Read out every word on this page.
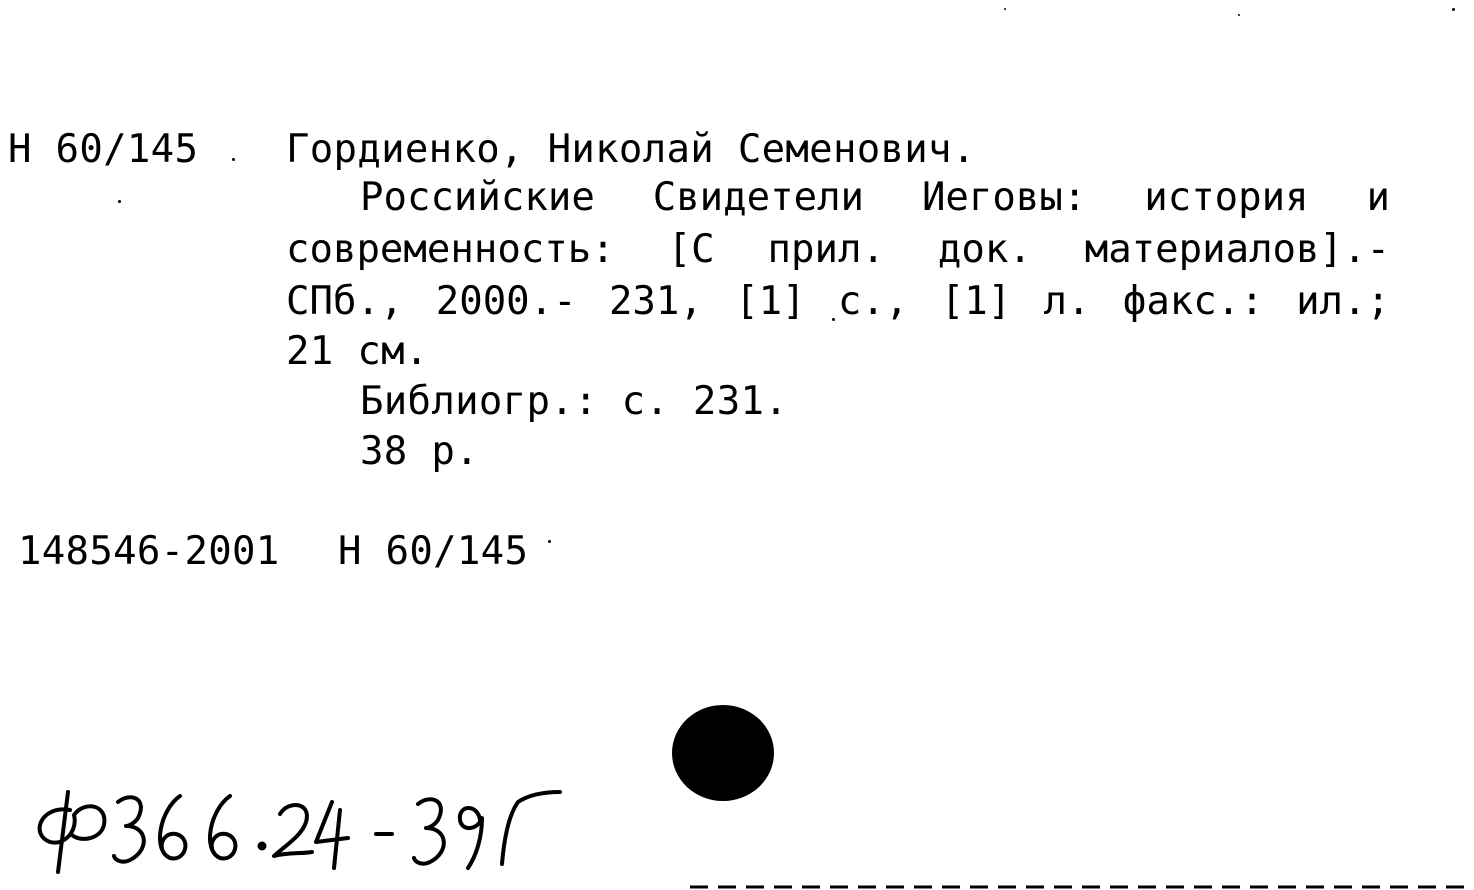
Н 60/145 Гордиенко, Николай Семенович.
Российские Свидетели Иеговы: история и
современность: [С прил. док. материалов].-
СПб., 2000.- 231, [1] с., [1] л. факс.: ил.;
21 см.
Библиогр.: с. 231.
38 р.
148546-2001 Н 60/145
